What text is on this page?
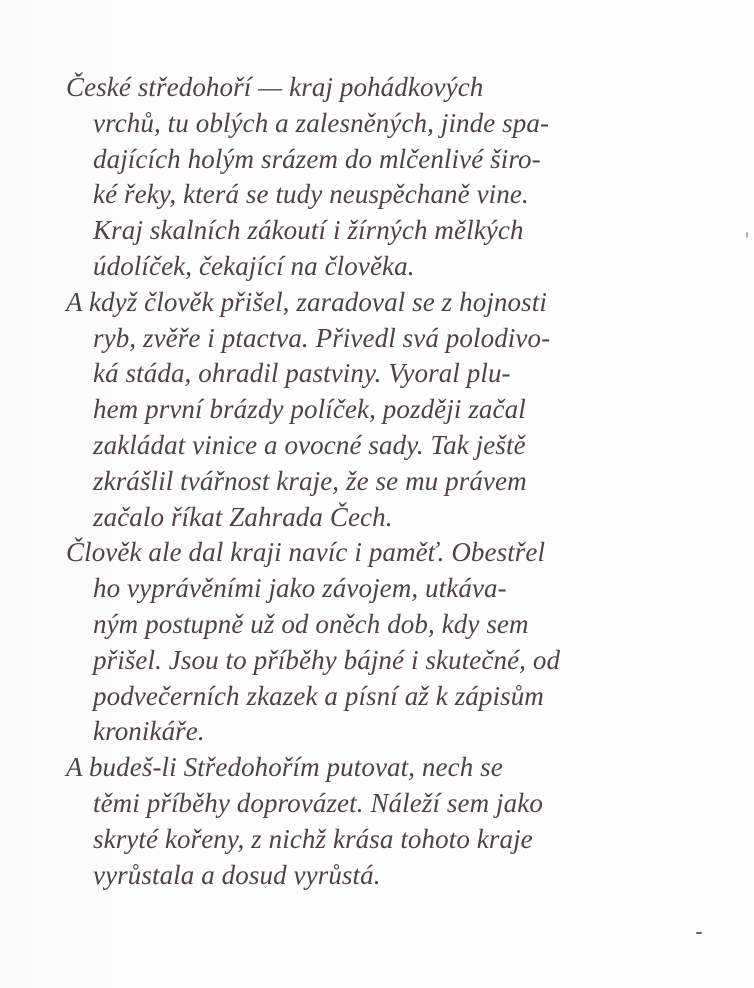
České středohoří — kraj pohádkových
vrchů, tu oblých a zalesněných, jinde spa-
dajících holým srázem do mlčenlivé širo-
ké řeky, která se tudy neuspěchaně vine.
Kraj skalních zákoutí i žírných mělkých
údolíček, čekající na člověka.

A když člověk přišel, zaradoval se z hojnosti
ryb, zvěře i ptactva. Přivedl svá polodivo-
ká stáda, ohradil pastviny. Vyoral plu-
hem první brázdy políček, později začal
zakládat vinice a ovocné sady. Tak ještě
zkrášlil tvářnost kraje, že se mu právem
začalo říkat Zahrada Čech.

Člověk ale dal kraji navíc i paměť. Obestřel
ho vyprávěními jako závojem, utkáva-
ným postupně už od oněch dob, kdy sem
přišel. Jsou to příběhy bájné i skutečné, od
podvečerních zkazek a písní až k zápisům
kronikáře.

A budeš-li Středohořím putovat, nech se
těmi příběhy doprovázet. Náleží sem jako
skryté kořeny, z nichž krása tohoto kraje
vyrůstala a dosud vyrůstá.
